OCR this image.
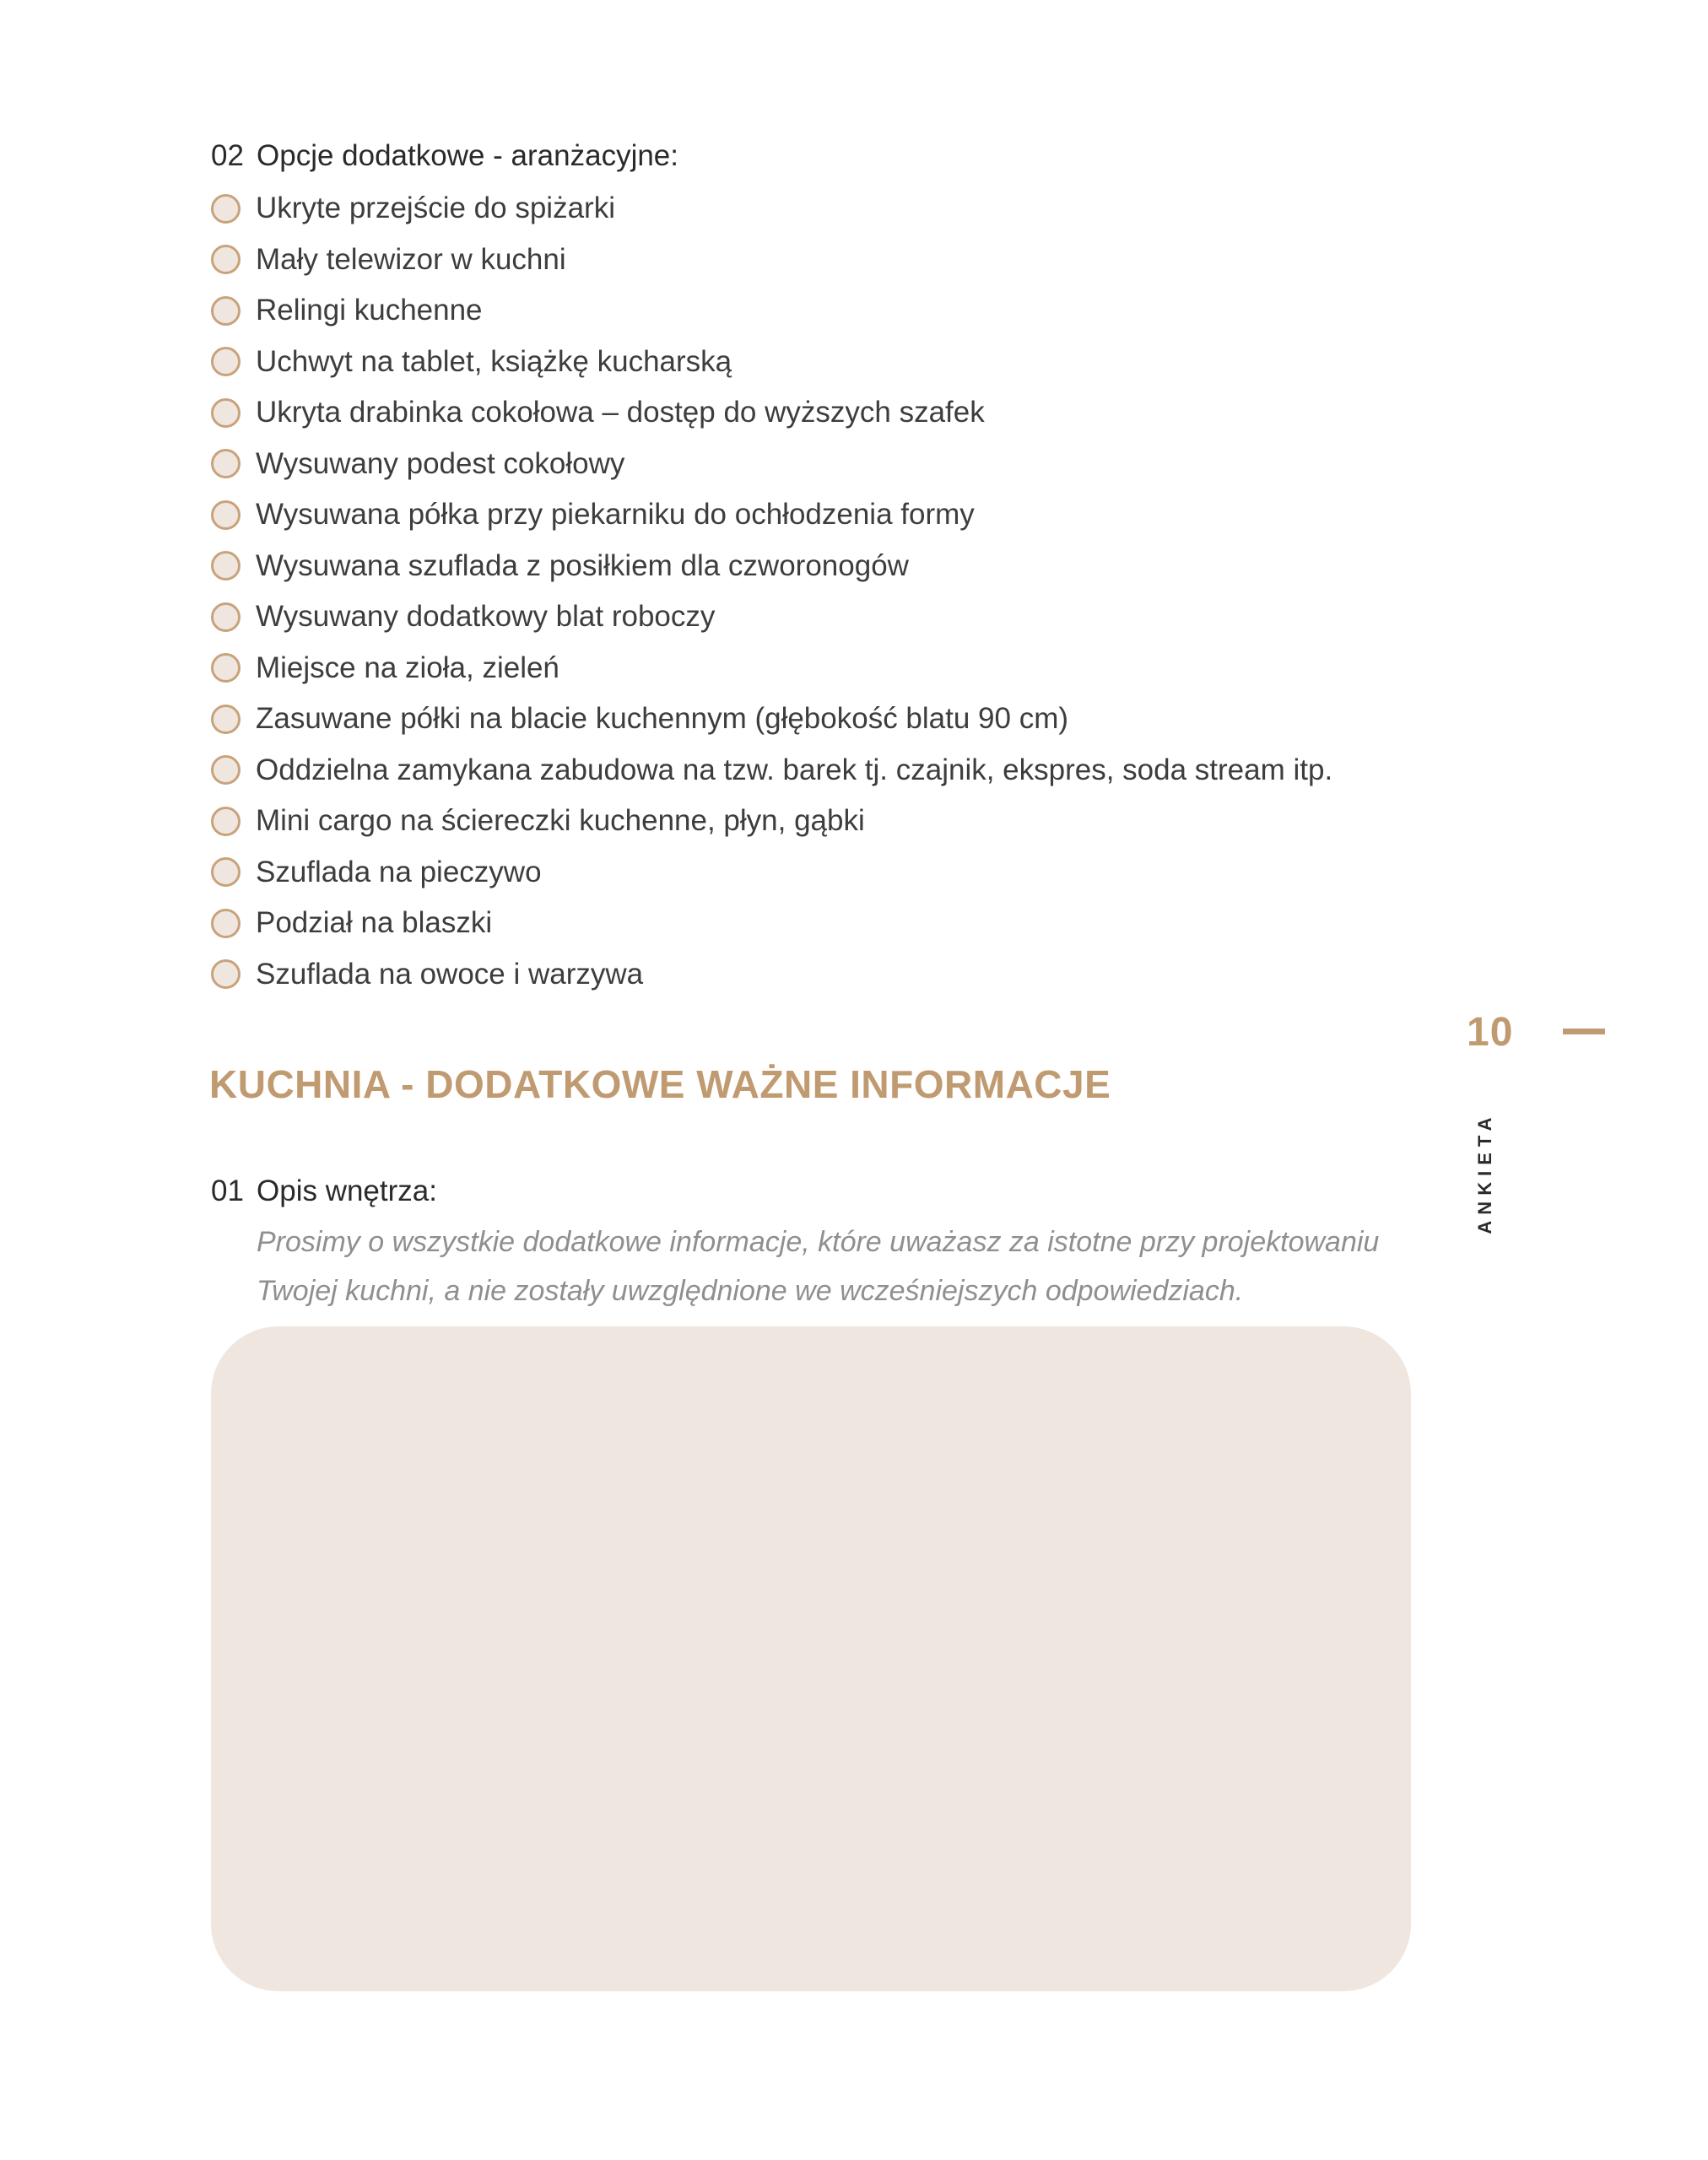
02 Opcje dodatkowe - aranżacyjne:
Ukryte przejście do spiżarki
Mały telewizor w kuchni
Relingi kuchenne
Uchwyt na tablet, książkę kucharską
Ukryta drabinka cokołowa – dostęp do wyższych szafek
Wysuwany podest cokołowy
Wysuwana półka przy piekarniku do ochłodzenia formy
Wysuwana szuflada z posiłkiem dla czworonogów
Wysuwany dodatkowy blat roboczy
Miejsce na zioła, zieleń
Zasuwane półki na blacie kuchennym (głębokość blatu 90 cm)
Oddzielna zamykana zabudowa na tzw. barek tj. czajnik, ekspres, soda stream itp.
Mini cargo na ściereczki kuchenne, płyn, gąbki
Szuflada na pieczywo
Podział na blaszki
Szuflada na owoce i warzywa
KUCHNIA - DODATKOWE WAŻNE INFORMACJE
01 Opis wnętrza:
Prosimy o wszystkie dodatkowe informacje, które uważasz za istotne przy projektowaniu
Twojej kuchni, a nie zostały uwzględnione we wcześniejszych odpowiedziach.
10
ANKIETA
